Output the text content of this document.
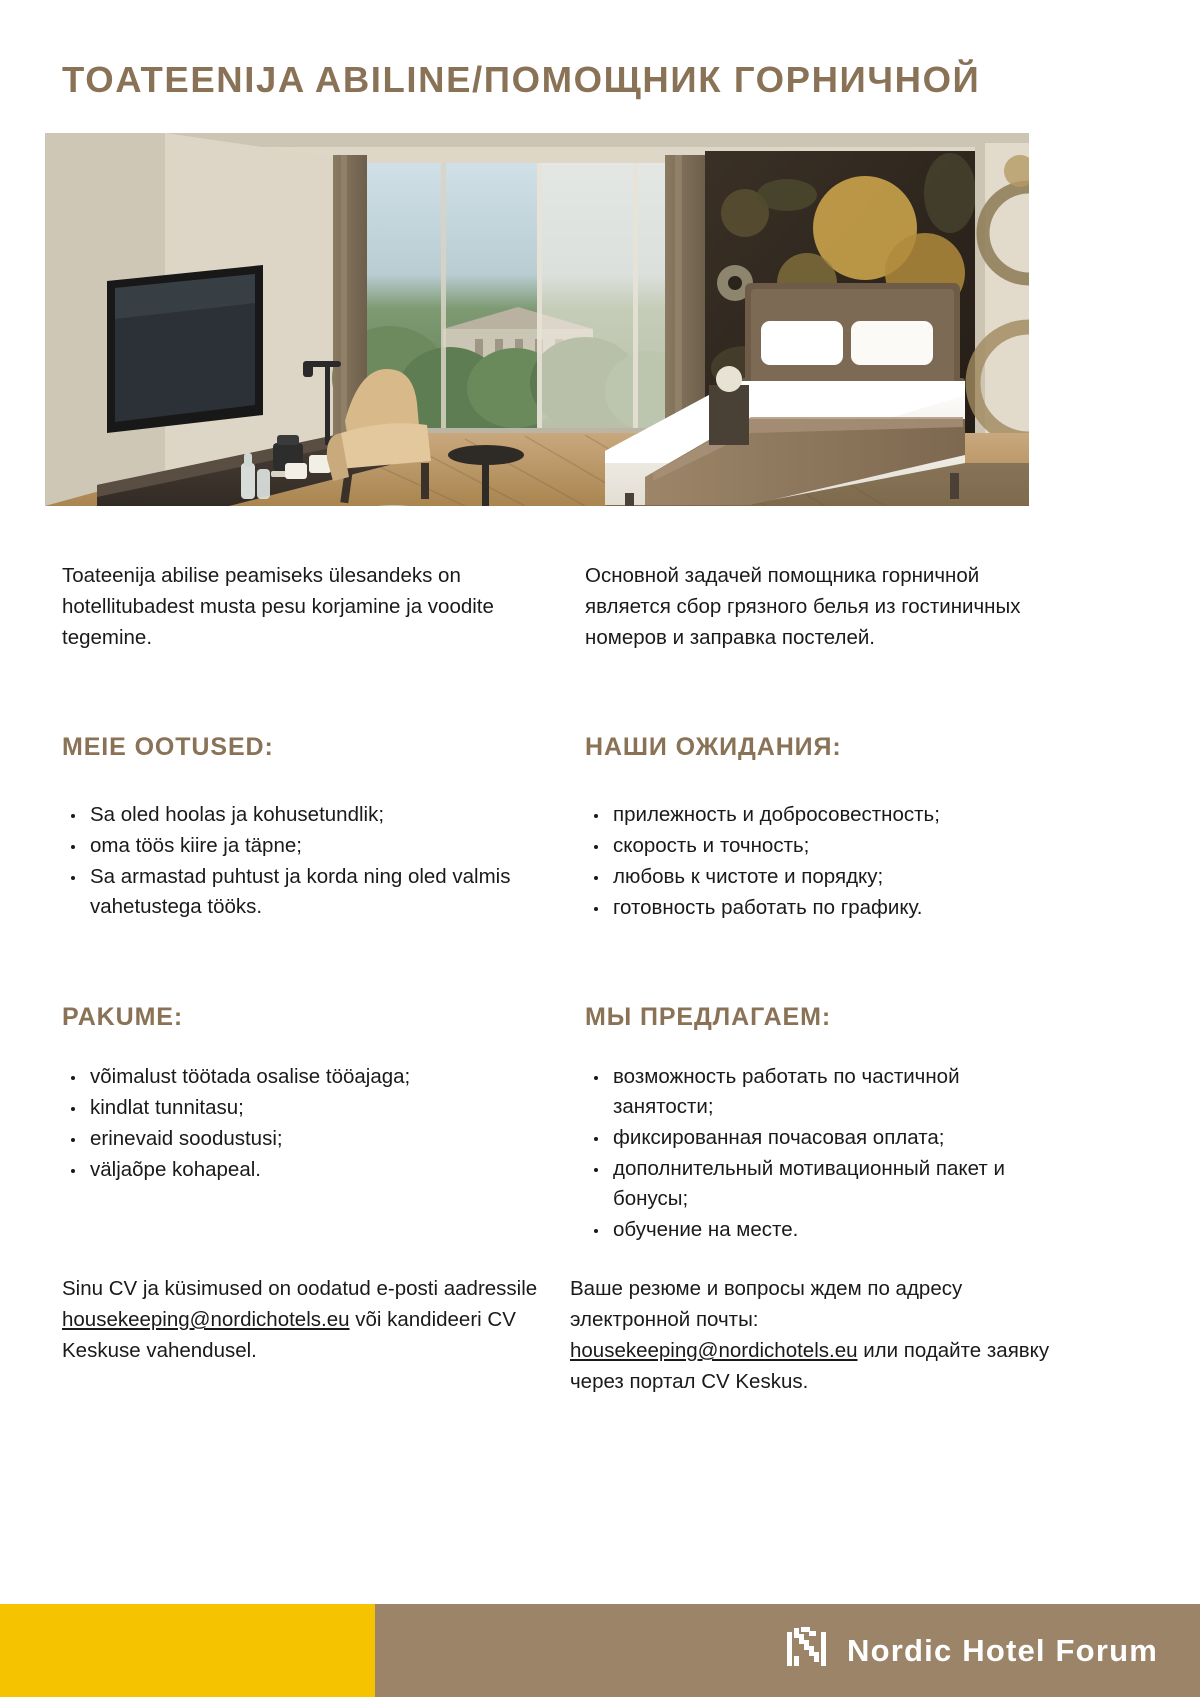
TOATEENIJA ABILINE/ПОМОЩНИК ГОРНИЧНОЙ

Toateenija abilise peamiseks ülesandeks on hotellitubadest musta pesu korjamine ja voodite tegemine.

Основной задачей помощника горничной является сбор грязного белья из гостиничных номеров и заправка постелей.

MEIE OOTUSED:
Sa oled hoolas ja kohusetundlik;
oma töös kiire ja täpne;
Sa armastad puhtust ja korda ning oled valmis vahetustega tööks.
НАШИ ОЖИДАНИЯ:
прилежность и добросовестность;
скорость и точность;
любовь к чистоте и порядку;
готовность работать по графику.
PAKUME:
võimalust töötada osalise tööajaga;
kindlat tunnitasu;
erinevaid soodustusi;
väljaõpe kohapeal.
МЫ ПРЕДЛАГАЕМ:
возможность работать по частичной занятости;
фиксированная почасовая оплата;
дополнительный мотивационный пакет и бонусы;
обучение на месте.

Sinu CV ja küsimused on oodatud e-posti aadressile housekeeping@nordichotels.eu või kandideeri CV Keskuse vahendusel.

Ваше резюме и вопросы ждем по адресу электронной почты: housekeeping@nordichotels.eu или подайте заявку через портал CV Keskus.

Nordic Hotel Forum
